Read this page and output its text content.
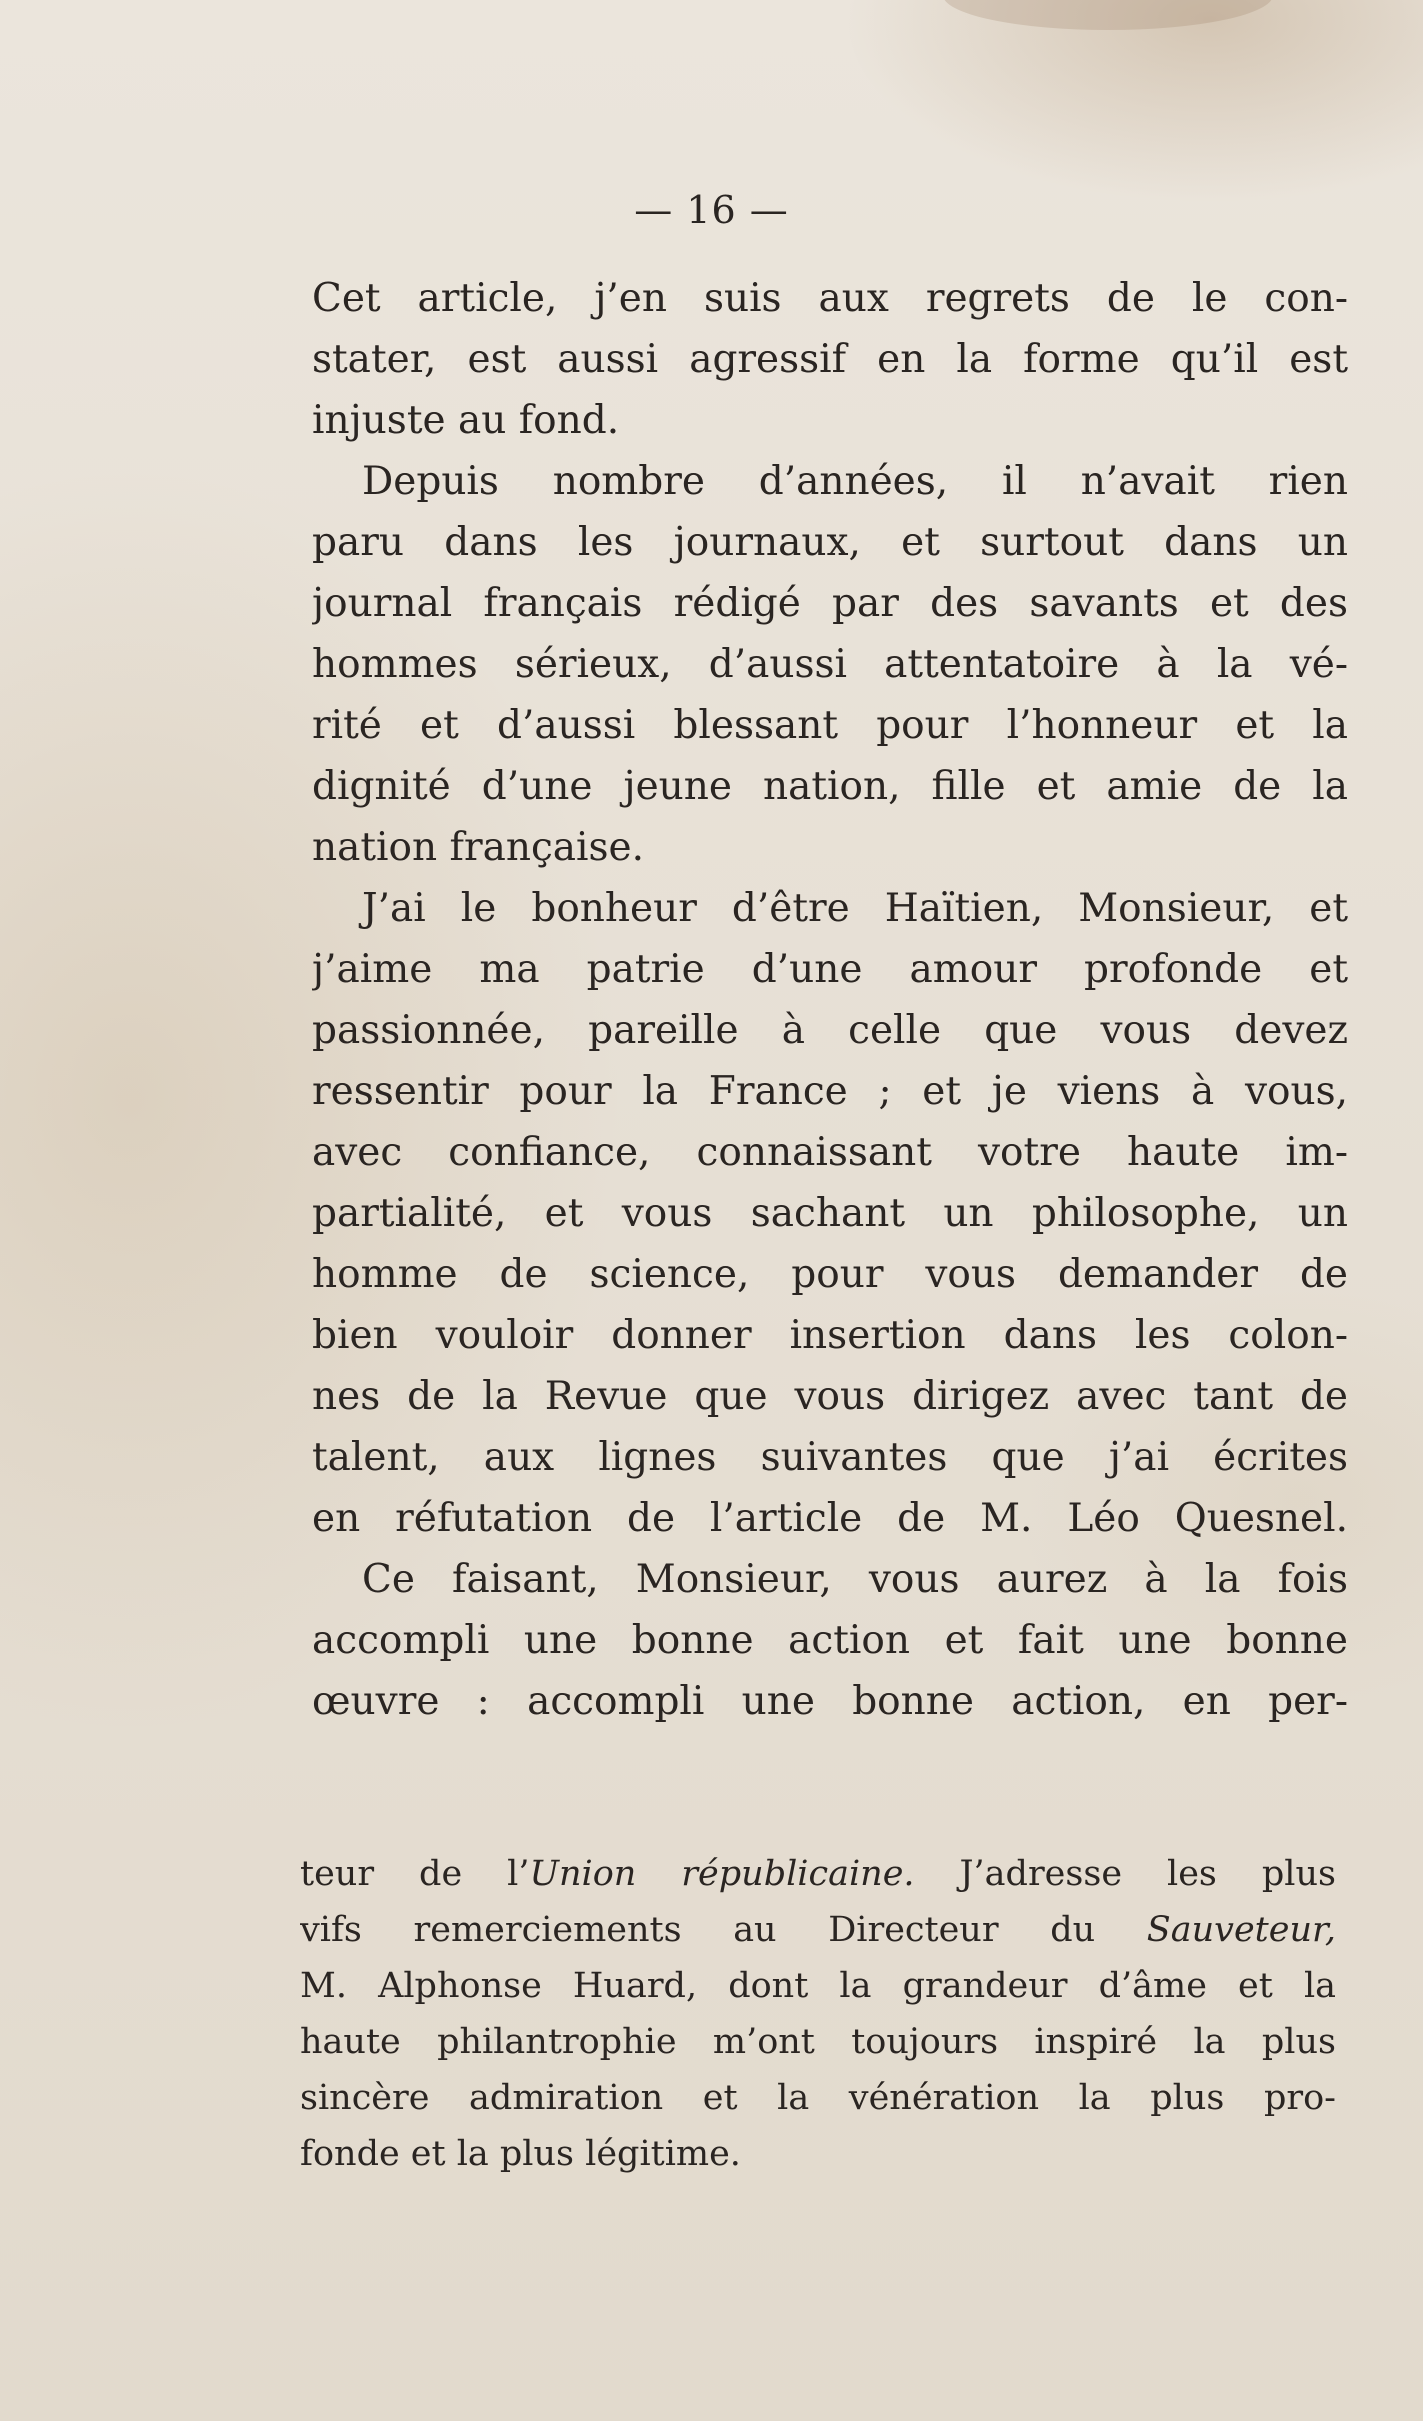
— 16 —
Cet article, j’en suis aux regrets de le con-
stater, est aussi agressif en la forme qu’il est
injuste au fond.
Depuis nombre d’années, il n’avait rien
paru dans les journaux, et surtout dans un
journal français rédigé par des savants et des
hommes sérieux, d’aussi attentatoire à la vé-
rité et d’aussi blessant pour l’honneur et la
dignité d’une jeune nation, fille et amie de la
nation française.
J’ai le bonheur d’être Haïtien, Monsieur, et
j’aime ma patrie d’une amour profonde et
passionnée, pareille à celle que vous devez
ressentir pour la France ; et je viens à vous,
avec confiance, connaissant votre haute im-
partialité, et vous sachant un philosophe, un
homme de science, pour vous demander de
bien vouloir donner insertion dans les colon-
nes de la Revue que vous dirigez avec tant de
talent, aux lignes suivantes que j’ai écrites
en réfutation de l’article de M. Léo Quesnel.
Ce faisant, Monsieur, vous aurez à la fois
accompli une bonne action et fait une bonne
œuvre : accompli une bonne action, en per-
teur de l’Union républicaine. J’adresse les plus
vifs remerciements au Directeur du Sauveteur,
M. Alphonse Huard, dont la grandeur d’âme et la
haute philantrophie m’ont toujours inspiré la plus
sincère admiration et la vénération la plus pro-
fonde et la plus légitime.
